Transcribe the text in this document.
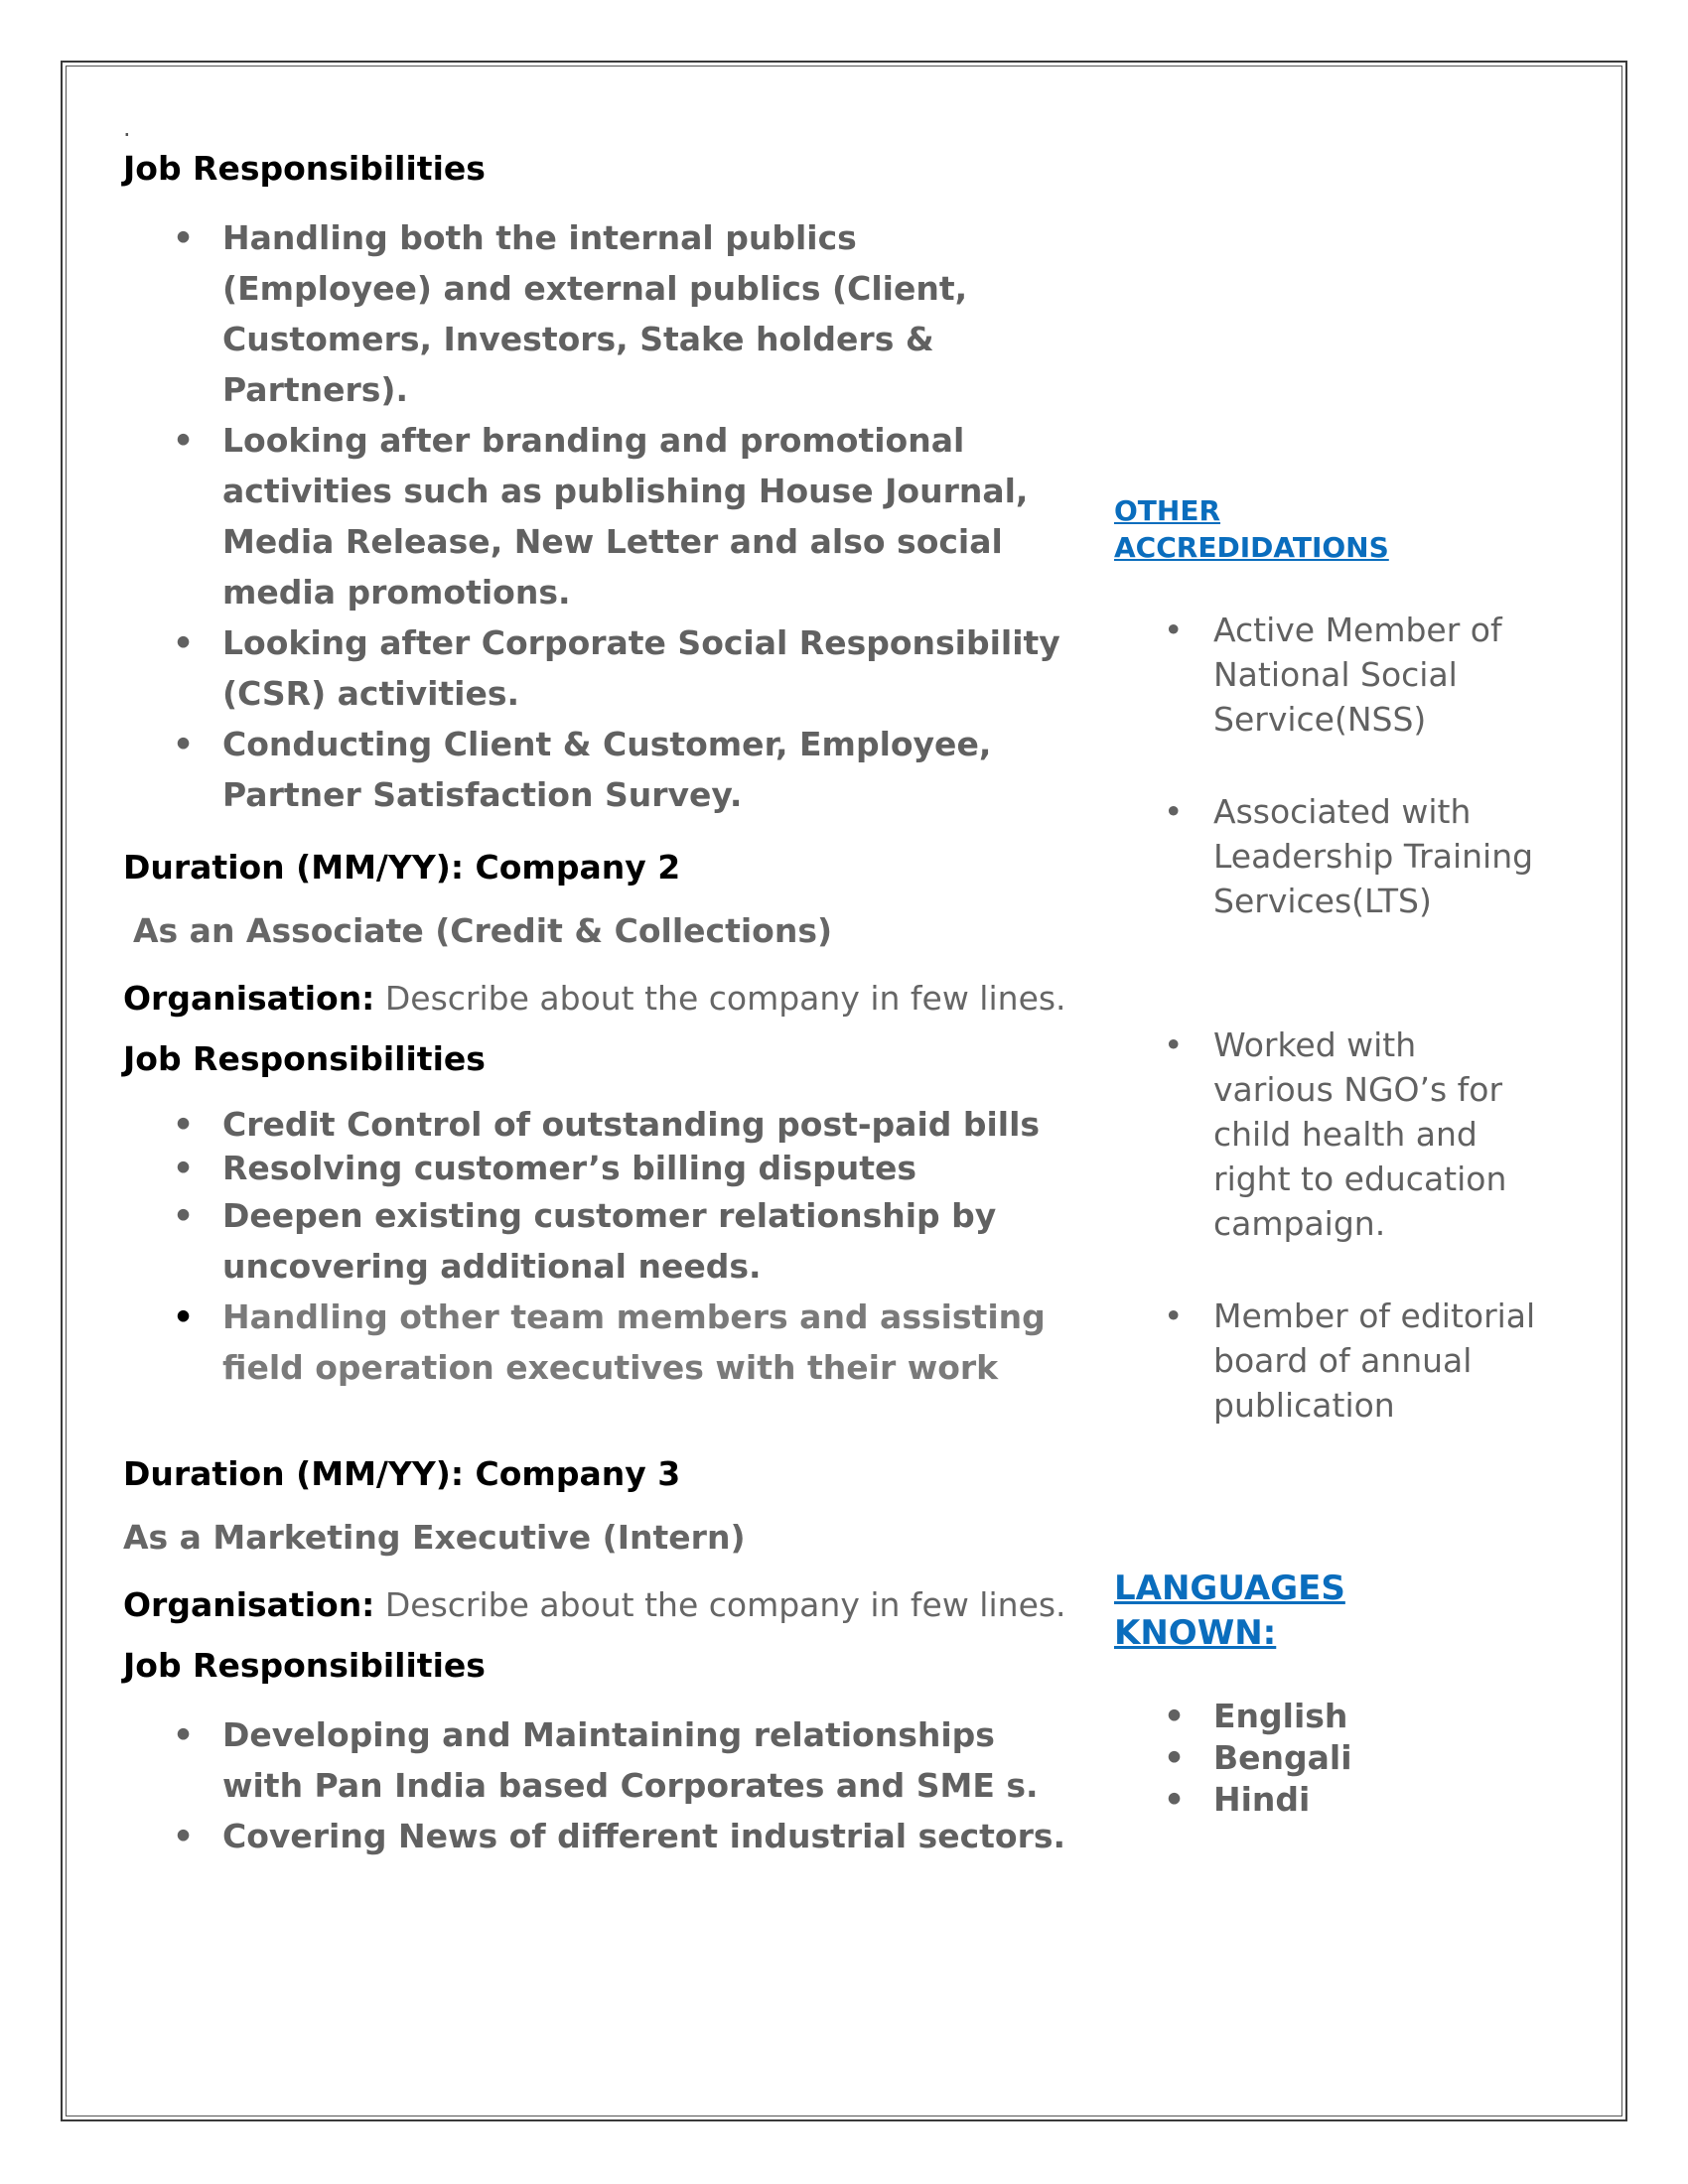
.

Job Responsibilities

• Handling both the internal publics (Employee) and external publics (Client, Customers, Investors, Stake holders & Partners).
• Looking after branding and promotional activities such as publishing House Journal, Media Release, New Letter and also social media promotions.
• Looking after Corporate Social Responsibility (CSR) activities.
• Conducting Client & Customer, Employee, Partner Satisfaction Survey.

Duration (MM/YY): Company 2

As an Associate (Credit & Collections)

Organisation: Describe about the company in few lines.

Job Responsibilities

• Credit Control of outstanding post-paid bills
• Resolving customer’s billing disputes
• Deepen existing customer relationship by uncovering additional needs.
• Handling other team members and assisting field operation executives with their work

Duration (MM/YY): Company 3

As a Marketing Executive (Intern)

Organisation: Describe about the company in few lines.

Job Responsibilities

• Developing and Maintaining relationships with Pan India based Corporates and SME s.
• Covering News of different industrial sectors.

OTHER ACCREDIDATIONS

• Active Member of National Social Service(NSS)
• Associated with Leadership Training Services(LTS)
• Worked with various NGO’s for child health and right to education campaign.
• Member of editorial board of annual publication

LANGUAGES KNOWN:

• English
• Bengali
• Hindi
